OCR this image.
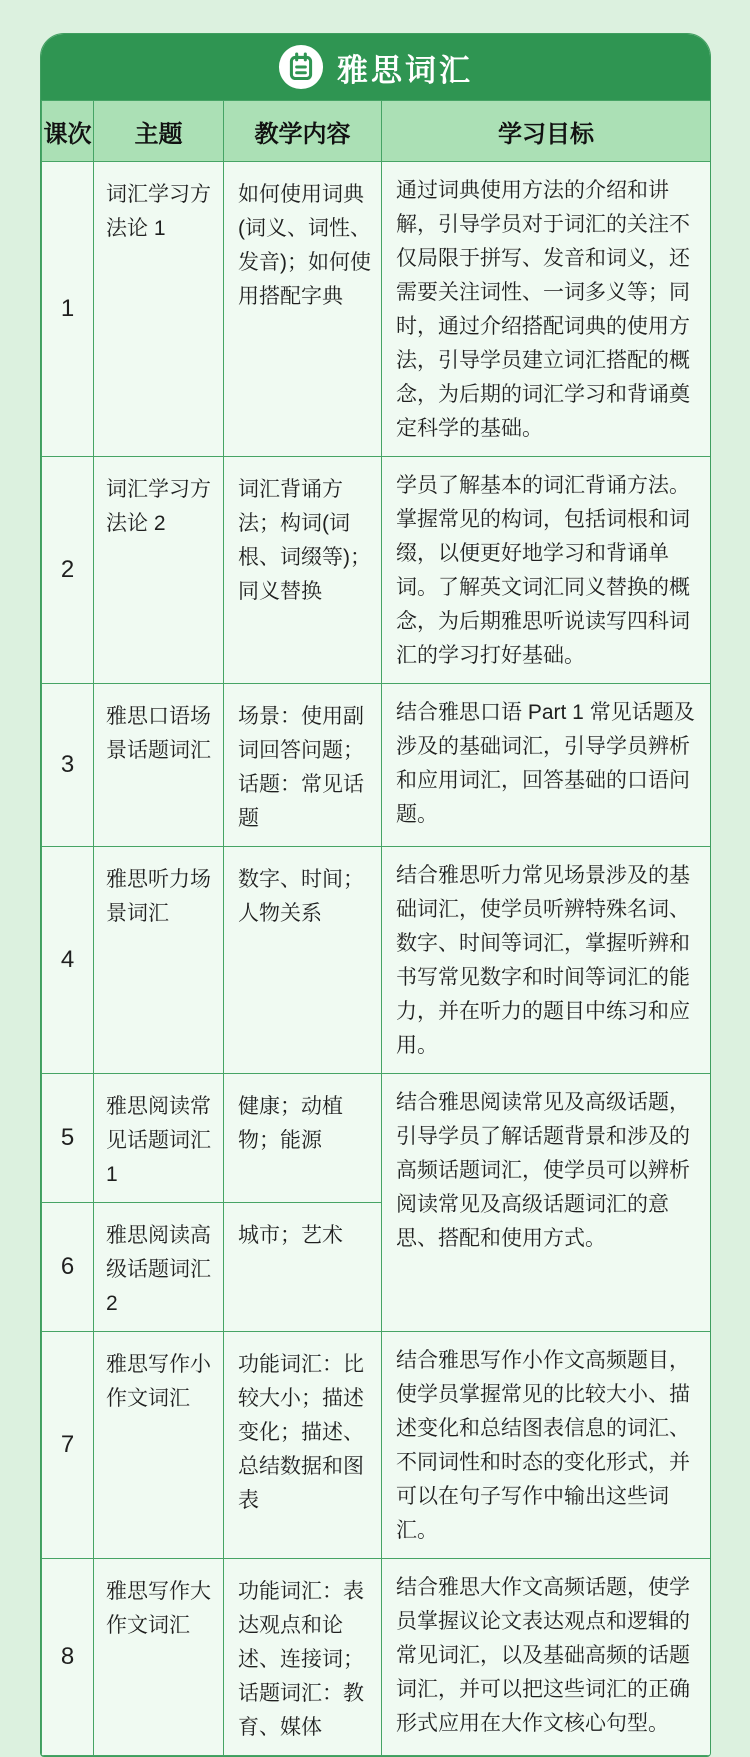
雅思词汇
课次	主题	教学内容	学习目标
1	词汇学习方法论 1	如何使用词典(词义、词性、发音)；如何使用搭配字典	通过词典使用方法的介绍和讲解，引导学员对于词汇的关注不仅局限于拼写、发音和词义，还需要关注词性、一词多义等；同时，通过介绍搭配词典的使用方法，引导学员建立词汇搭配的概念，为后期的词汇学习和背诵奠定科学的基础。
2	词汇学习方法论 2	词汇背诵方法；构词(词根、词缀等)；同义替换	学员了解基本的词汇背诵方法。掌握常见的构词，包括词根和词缀，以便更好地学习和背诵单词。了解英文词汇同义替换的概念，为后期雅思听说读写四科词汇的学习打好基础。
3	雅思口语场景话题词汇	场景：使用副词回答问题；话题：常见话题	结合雅思口语 Part 1 常见话题及涉及的基础词汇，引导学员辨析和应用词汇，回答基础的口语问题。
4	雅思听力场景词汇	数字、时间；人物关系	结合雅思听力常见场景涉及的基础词汇，使学员听辨特殊名词、数字、时间等词汇，掌握听辨和书写常见数字和时间等词汇的能力，并在听力的题目中练习和应用。
5	雅思阅读常见话题词汇1	健康；动植物；能源	结合雅思阅读常见及高级话题，引导学员了解话题背景和涉及的高频话题词汇，使学员可以辨析阅读常见及高级话题词汇的意思、搭配和使用方式。
6	雅思阅读高级话题词汇2	城市；艺术	
7	雅思写作小作文词汇	功能词汇：比较大小；描述变化；描述、总结数据和图表	结合雅思写作小作文高频题目，使学员掌握常见的比较大小、描述变化和总结图表信息的词汇、不同词性和时态的变化形式，并可以在句子写作中输出这些词汇。
8	雅思写作大作文词汇	功能词汇：表达观点和论述、连接词；话题词汇：教育、媒体	结合雅思大作文高频话题，使学员掌握议论文表达观点和逻辑的常见词汇，以及基础高频的话题词汇，并可以把这些词汇的正确形式应用在大作文核心句型。
